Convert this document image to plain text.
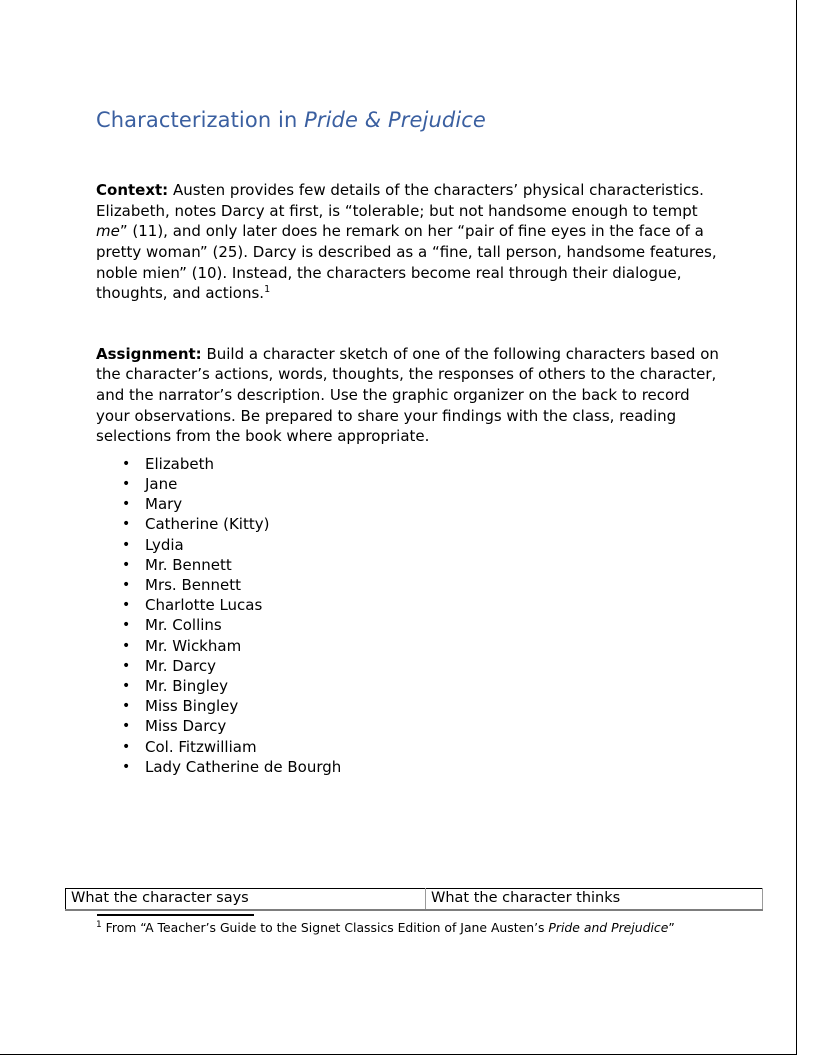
Characterization in Pride & Prejudice

Context: Austen provides few details of the characters’ physical characteristics. Elizabeth, notes Darcy at first, is “tolerable; but not handsome enough to tempt me” (11), and only later does he remark on her “pair of fine eyes in the face of a pretty woman” (25). Darcy is described as a “fine, tall person, handsome features, noble mien” (10). Instead, the characters become real through their dialogue, thoughts, and actions.$^1$

Assignment: Build a character sketch of one of the following characters based on the character’s actions, words, thoughts, the responses of others to the character, and the narrator’s description. Use the graphic organizer on the back to record your observations. Be prepared to share your findings with the class, reading selections from the book where appropriate.

• Elizabeth
• Jane
• Mary
• Catherine (Kitty)
• Lydia
• Mr. Bennett
• Mrs. Bennett
• Charlotte Lucas
• Mr. Collins
• Mr. Wickham
• Mr. Darcy
• Mr. Bingley
• Miss Bingley
• Miss Darcy
• Col. Fitzwilliam
• Lady Catherine de Bourgh
What the character says	What the character thinks

$^1$ From “A Teacher’s Guide to the Signet Classics Edition of Jane Austen’s Pride and Prejudice”
